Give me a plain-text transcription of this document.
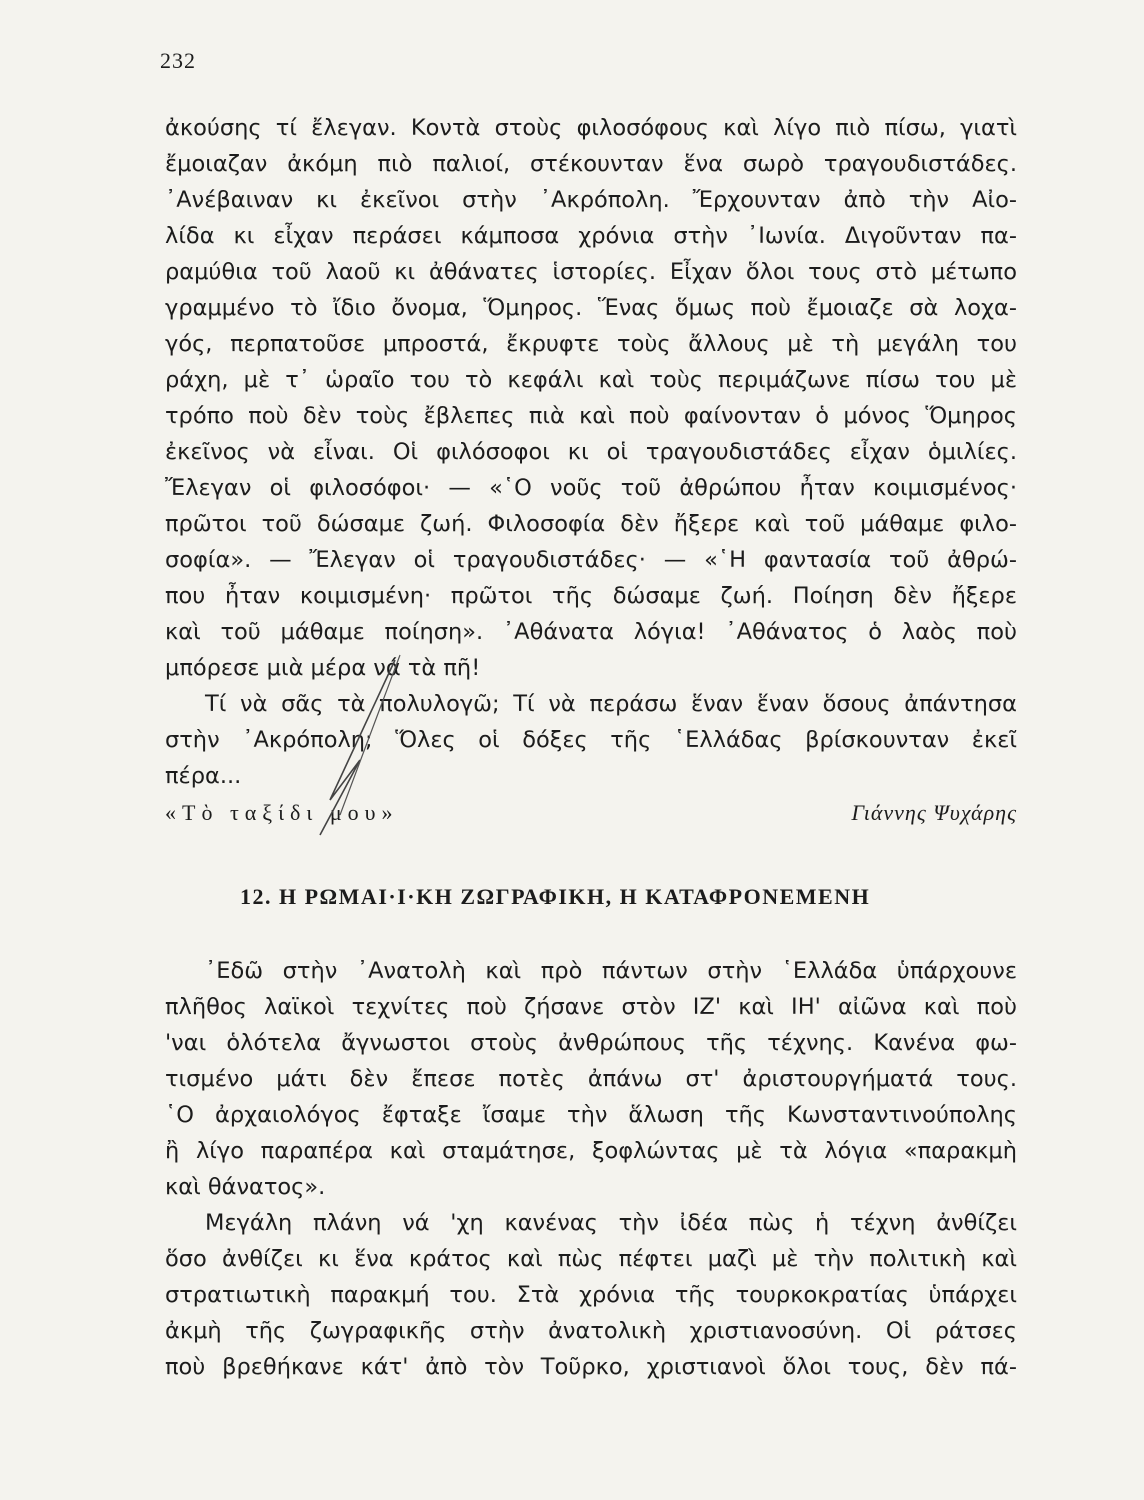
232
ἀκούσης τί ἔλεγαν. Κοντὰ στοὺς φιλοσόφους καὶ λίγο πιὸ πίσω, γιατὶ
ἔμοιαζαν ἀκόμη πιὸ παλιοί, στέκουνταν ἕνα σωρὸ τραγουδιστάδες.
᾿Ανέβαιναν κι ἐκεῖνοι στὴν ᾿Ακρόπολη. Ἔρχουνταν ἀπὸ τὴν Αἰο-
λίδα κι εἶχαν περάσει κάμποσα χρόνια στὴν ᾿Ιωνία. Διγοῦνταν πα-
ραμύθια τοῦ λαοῦ κι ἀθάνατες ἱστορίες. Εἶχαν ὅλοι τους στὸ μέτωπο
γραμμένο τὸ ἴδιο ὄνομα, Ὅμηρος. Ἕνας ὅμως ποὺ ἔμοιαζε σὰ λοχα-
γός, περπατοῦσε μπροστά, ἔκρυφτε τοὺς ἄλλους μὲ τὴ μεγάλη του
ράχη, μὲ τ᾿ ὡραῖο του τὸ κεφάλι καὶ τοὺς περιμάζωνε πίσω του μὲ
τρόπο ποὺ δὲν τοὺς ἔβλεπες πιὰ καὶ ποὺ φαίνονταν ὁ μόνος Ὅμηρος
ἐκεῖνος νὰ εἶναι. Οἱ φιλόσοφοι κι οἱ τραγουδιστάδες εἶχαν ὁμιλίες.
Ἔλεγαν οἱ φιλοσόφοι· — «῾Ο νοῦς τοῦ ἀθρώπου ἦταν κοιμισμένος·
πρῶτοι τοῦ δώσαμε ζωή. Φιλοσοφία δὲν ἤξερε καὶ τοῦ μάθαμε φιλο-
σοφία». — Ἔλεγαν οἱ τραγουδιστάδες· — «῾Η φαντασία τοῦ ἀθρώ-
που ἦταν κοιμισμένη· πρῶτοι τῆς δώσαμε ζωή. Ποίηση δὲν ἤξερε
καὶ τοῦ μάθαμε ποίηση». ᾿Αθάνατα λόγια! ᾿Αθάνατος ὁ λαὸς ποὺ
μπόρεσε μιὰ μέρα νά τὰ πῆ!
Τί νὰ σᾶς τὰ πολυλογῶ; Τί νὰ περάσω ἕναν ἕναν ὅσους ἀπάντησα
στὴν ᾿Ακρόπολη; Ὅλες οἱ δόξες τῆς ῾Ελλάδας βρίσκουνταν ἐκεῖ
πέρα...
«Τὸ ταξίδι μου»	Γιάννης Ψυχάρης
12. Η ΡΩΜΑΙ·Ι·ΚΗ ΖΩΓΡΑΦΙΚΗ, Η ΚΑΤΑΦΡΟΝΕΜΕΝΗ
᾿Εδῶ στὴν ᾿Ανατολὴ καὶ πρὸ πάντων στὴν ῾Ελλάδα ὑπάρχουνε
πλῆθος λαϊκοὶ τεχνίτες ποὺ ζήσανε στὸν ΙΖ' καὶ ΙΗ' αἰῶνα καὶ ποὺ
'ναι ὁλότελα ἄγνωστοι στοὺς ἀνθρώπους τῆς τέχνης. Κανένα φω-
τισμένο μάτι δὲν ἔπεσε ποτὲς ἀπάνω στ' ἀριστουργήματά τους.
῾Ο ἀρχαιολόγος ἔφταξε ἴσαμε τὴν ἅλωση τῆς Κωνσταντινούπολης
ἢ λίγο παραπέρα καὶ σταμάτησε, ξοφλώντας μὲ τὰ λόγια «παρακμὴ
καὶ θάνατος».
Μεγάλη πλάνη νά 'χη κανένας τὴν ἰδέα πὼς ἡ τέχνη ἀνθίζει
ὅσο ἀνθίζει κι ἕνα κράτος καὶ πὼς πέφτει μαζὶ μὲ τὴν πολιτικὴ καὶ
στρατιωτικὴ παρακμή του. Στὰ χρόνια τῆς τουρκοκρατίας ὑπάρχει
ἀκμὴ τῆς ζωγραφικῆς στὴν ἀνατολικὴ χριστιανοσύνη. Οἱ ράτσες
ποὺ βρεθήκανε κάτ' ἀπὸ τὸν Τοῦρκο, χριστιανοὶ ὅλοι τους, δὲν πά-
